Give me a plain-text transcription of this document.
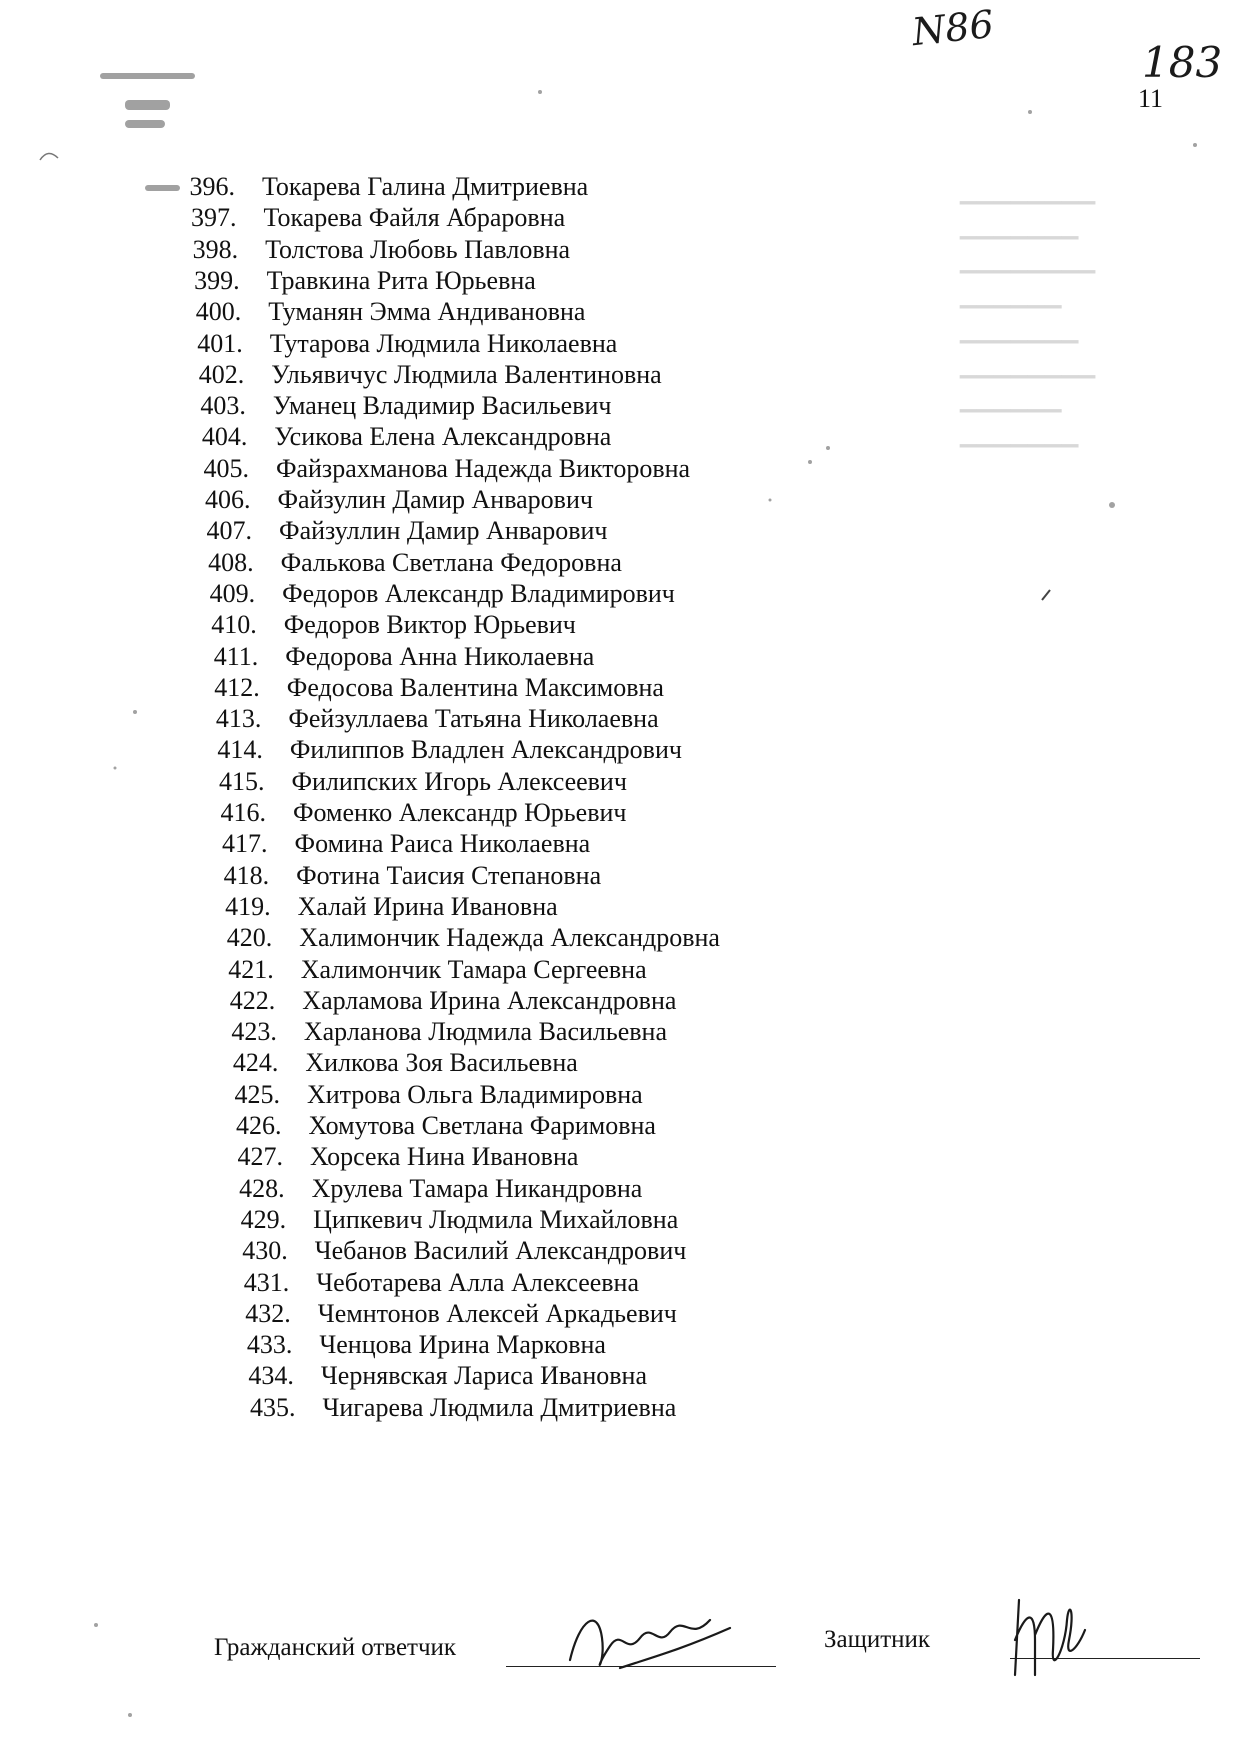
▁▁▁▁▁▁▁▁
▁▁▁▁▁▁▁
▁▁▁▁▁▁▁▁
▁▁▁▁▁▁
▁▁▁▁▁▁▁
▁▁▁▁▁▁▁▁
▁▁▁▁▁▁
▁▁▁▁▁▁▁
N86
183
11
396. Токарева Галина Дмитриевна
397. Токарева Файля Абраровна
398. Толстова Любовь Павловна
399. Травкина Рита Юрьевна
400. Туманян Эмма Андивановна
401. Тутарова Людмила Николаевна
402. Ульявичус Людмила Валентиновна
403. Уманец Владимир Васильевич
404. Усикова Елена Александровна
405. Файзрахманова Надежда Викторовна
406. Файзулин Дамир Анварович
407. Файзуллин Дамир Анварович
408. Фалькова Светлана Федоровна
409. Федоров Александр Владимирович
410. Федоров Виктор Юрьевич
411. Федорова Анна Николаевна
412. Федосова Валентина Максимовна
413. Фейзуллаева Татьяна Николаевна
414. Филиппов Владлен Александрович
415. Филипских Игорь Алексеевич
416. Фоменко Александр Юрьевич
417. Фомина Раиса Николаевна
418. Фотина Таисия Степановна
419. Халай Ирина Ивановна
420. Халимончик Надежда Александровна
421. Халимончик Тамара Сергеевна
422. Харламова Ирина Александровна
423. Харланова Людмила Васильевна
424. Хилкова Зоя Васильевна
425. Хитрова Ольга Владимировна
426. Хомутова Светлана Фаримовна
427. Хорсека Нина Ивановна
428. Хрулева Тамара Никандровна
429. Ципкевич Людмила Михайловна
430. Чебанов Василий Александрович
431. Чеботарева Алла Алексеевна
432. Чемнтонов Алексей Аркадьевич
433. Ченцова Ирина Марковна
434. Чернявская Лариса Ивановна
435. Чигарева Людмила Дмитриевна
Гражданский ответчик	Защитник
